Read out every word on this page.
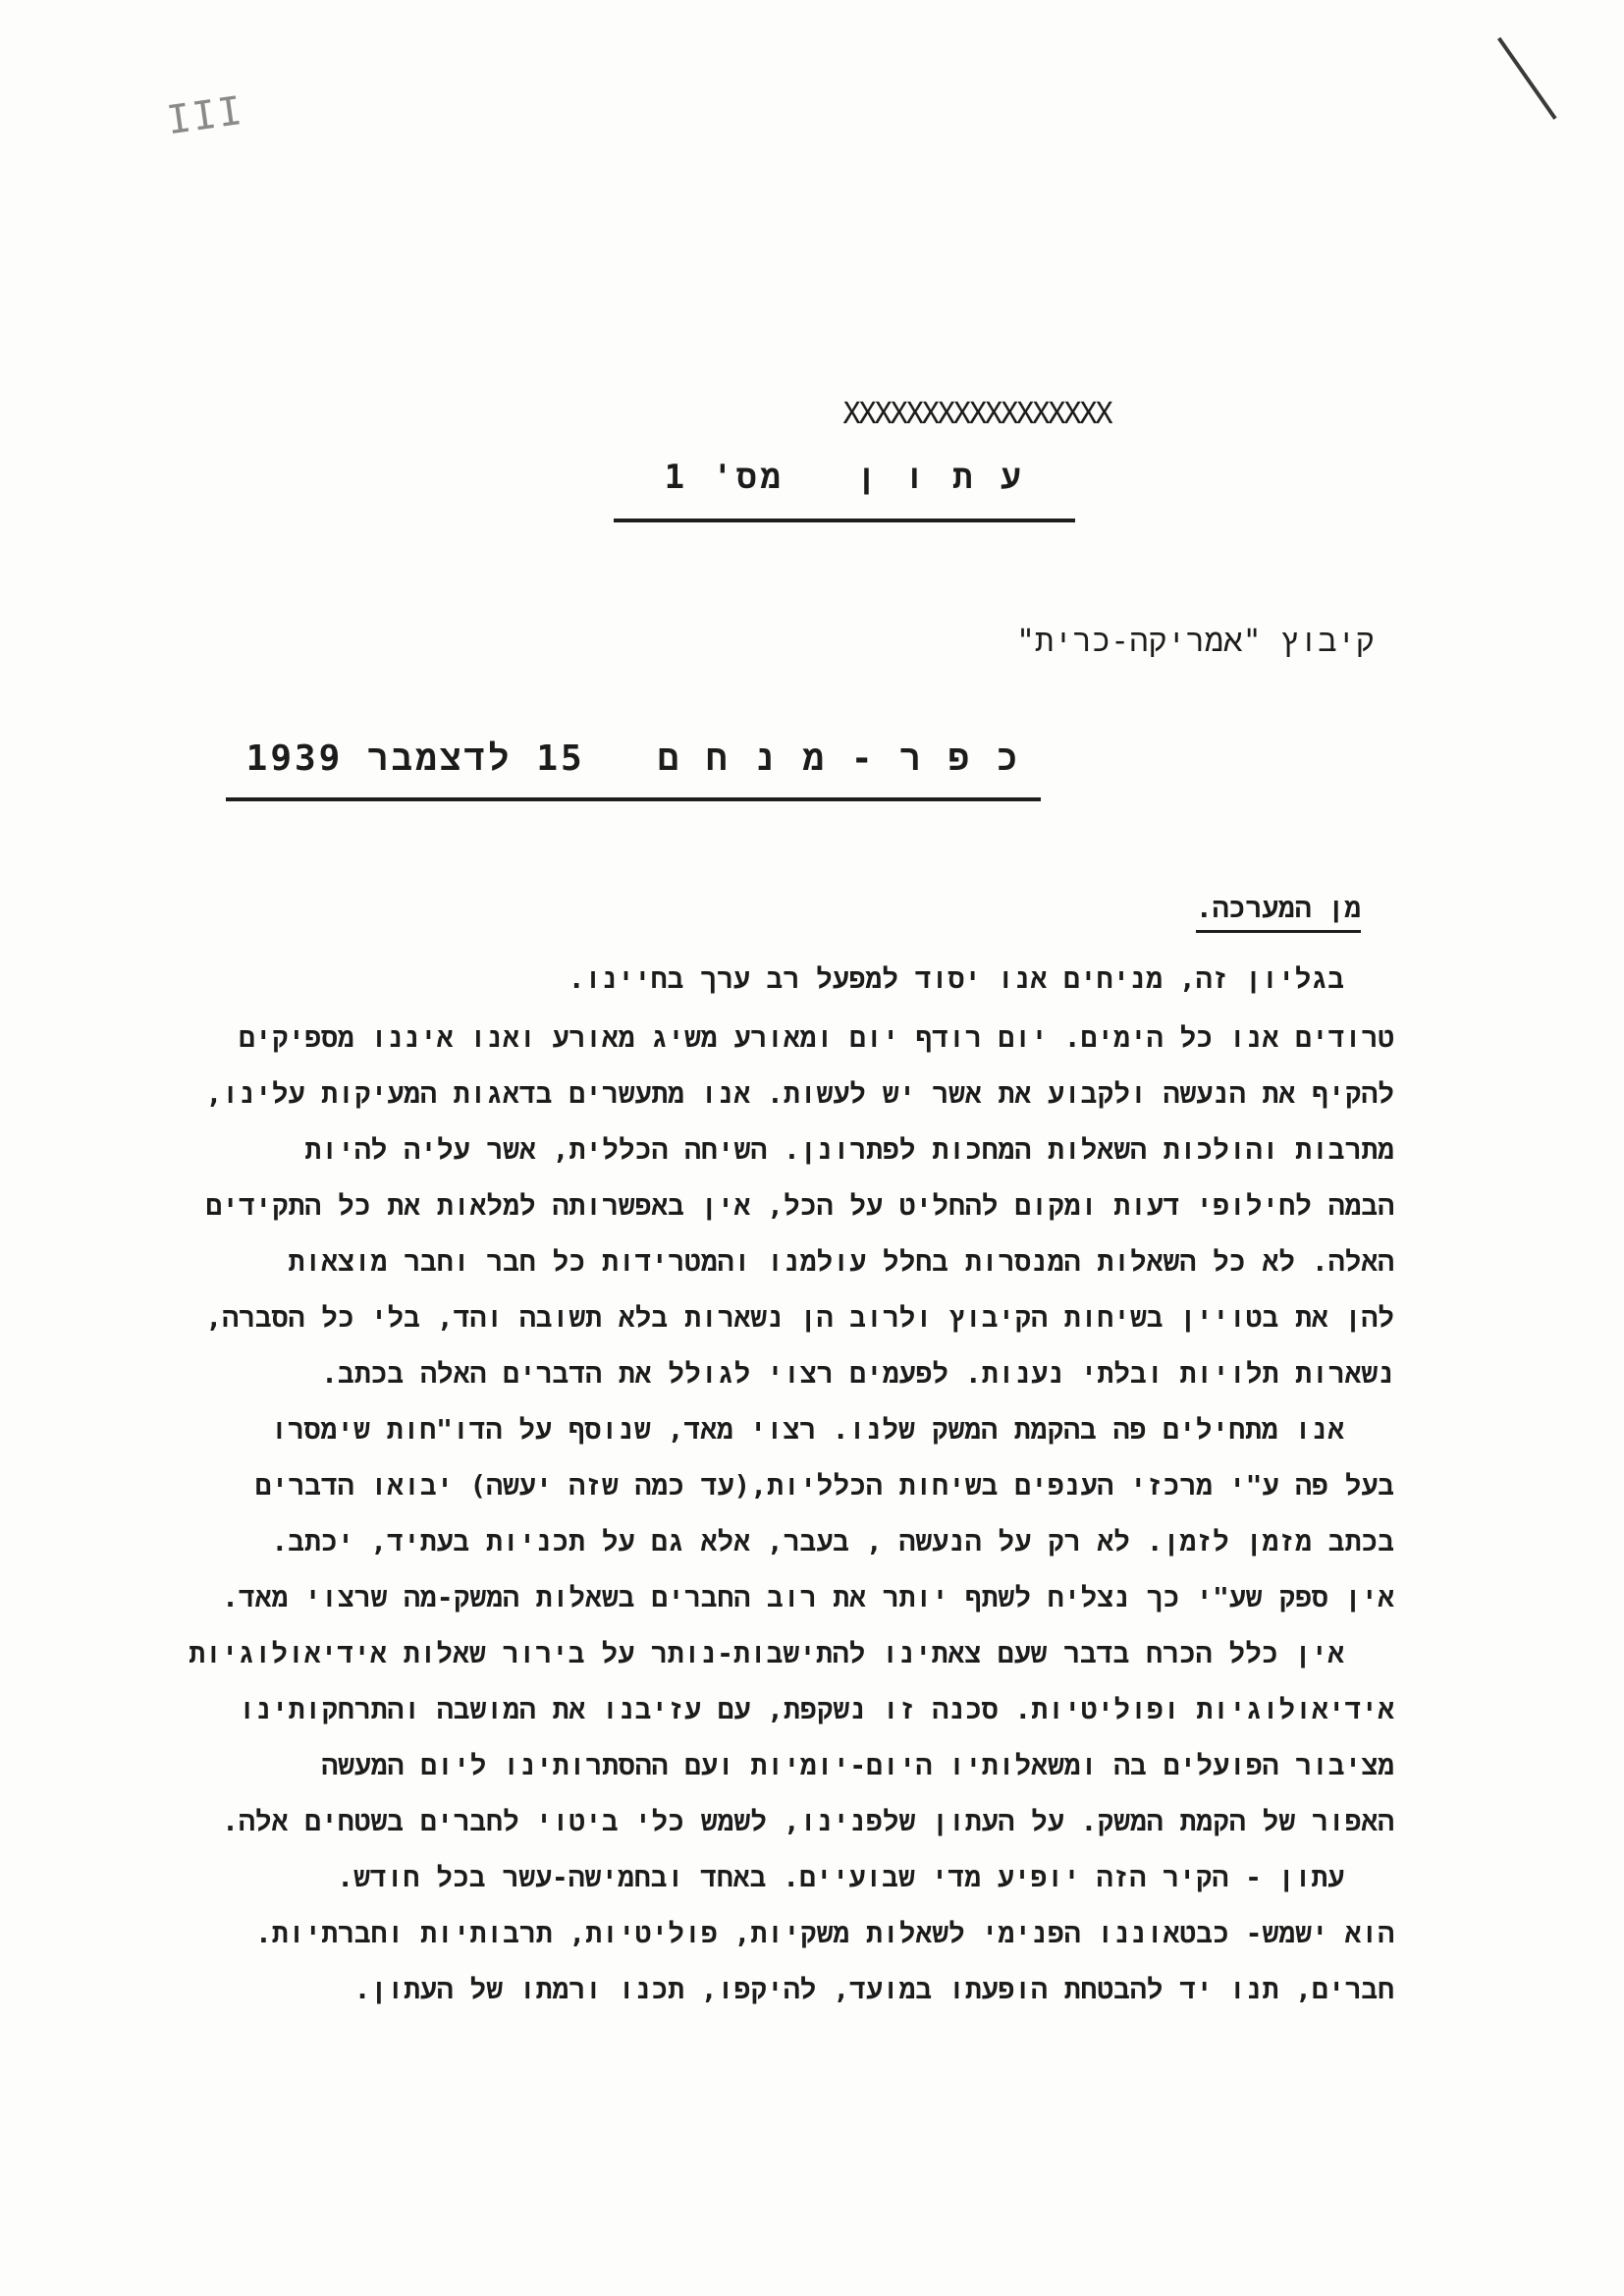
III
XXXXXXXXXXXXXXXXX
ע ת ו ן   מס' 1
קיבוץ "אמריקה-כרית"
כ פ ר - מ נ ח ם   15 לדצמבר 1939
מן המערכה.
בגליון זה, מניחים אנו יסוד למפעל רב ערך בחיינו.
טרודים אנו כל הימים. יום רודף יום ומאורע משיג מאורע ואנו איננו מספיקים
להקיף את הנעשה ולקבוע את אשר יש לעשות. אנו מתעשרים בדאגות המעיקות עלינו,
מתרבות והולכות השאלות המחכות לפתרונן. השיחה הכללית, אשר עליה להיות
הבמה לחילופי דעות ומקום להחליט על הכל, אין באפשרותה למלאות את כל התקידים
האלה. לא כל השאלות המנסרות בחלל עולמנו והמטרידות כל חבר וחבר מוצאות
להן את בטויין בשיחות הקיבוץ ולרוב הן נשארות בלא תשובה והד, בלי כל הסברה,
נשארות תלויות ובלתי נענות. לפעמים רצוי לגולל את הדברים האלה בכתב.
אנו מתחילים פה בהקמת המשק שלנו. רצוי מאד, שנוסף על הדו"חות שימסרו
בעל פה ע"י מרכזי הענפים בשיחות הכלליות,(עד כמה שזה יעשה) יבואו הדברים
בכתב מזמן לזמן. לא רק על הנעשה , בעבר, אלא גם על תכניות בעתיד, יכתב.
אין ספק שע"י כך נצליח לשתף יותר את רוב החברים בשאלות המשק-מה שרצוי מאד.
אין כלל הכרח בדבר שעם צאתינו להתישבות-נותר על בירור שאלות אידיאולוגיות
אידיאולוגיות ופוליטיות. סכנה זו נשקפת, עם עזיבנו את המושבה והתרחקותינו
מציבור הפועלים בה ומשאלותיו היום-יומיות ועם ההסתרותינו ליום המעשה
האפור של הקמת המשק. על העתון שלפנינו, לשמש כלי ביטוי לחברים בשטחים אלה.
עתון - הקיר הזה יופיע מדי שבועיים. באחד ובחמישה-עשר בכל חודש.
הוא ישמש- כבטאוננו הפנימי לשאלות משקיות, פוליטיות, תרבותיות וחברתיות.
חברים, תנו יד להבטחת הופעתו במועד, להיקפו, תכנו ורמתו של העתון.
